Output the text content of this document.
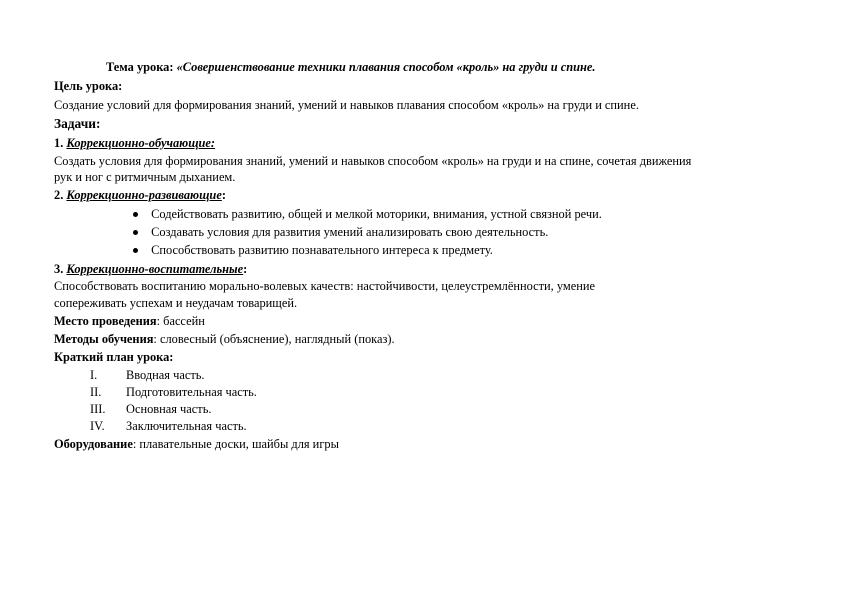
Тема урока: «Совершенствование техники плавания способом «кроль» на груди и спине.
Цель урока:
Создание условий для формирования знаний, умений и навыков плавания способом «кроль» на груди и спине.
Задачи:
1. Коррекционно-обучающие:
Создать условия для формирования знаний, умений и навыков способом «кроль» на груди и на спине, сочетая движения
рук и ног с ритмичным дыханием.
2. Коррекционно-развивающие:
Содействовать развитию, общей и мелкой моторики, внимания, устной связной речи.
Создавать условия для развития умений анализировать свою деятельность.
Способствовать развитию познавательного интереса к предмету.
3. Коррекционно-воспитательные:
Способствовать воспитанию морально-волевых качеств: настойчивости, целеустремлённости, умение
сопереживать успехам и неудачам товарищей.
Место проведения: бассейн
Методы обучения: словесный (объяснение), наглядный (показ).
Краткий план урока:
I. Вводная часть.
II. Подготовительная часть.
III. Основная часть.
IV. Заключительная часть.
Оборудование: плавательные доски, шайбы для игры
